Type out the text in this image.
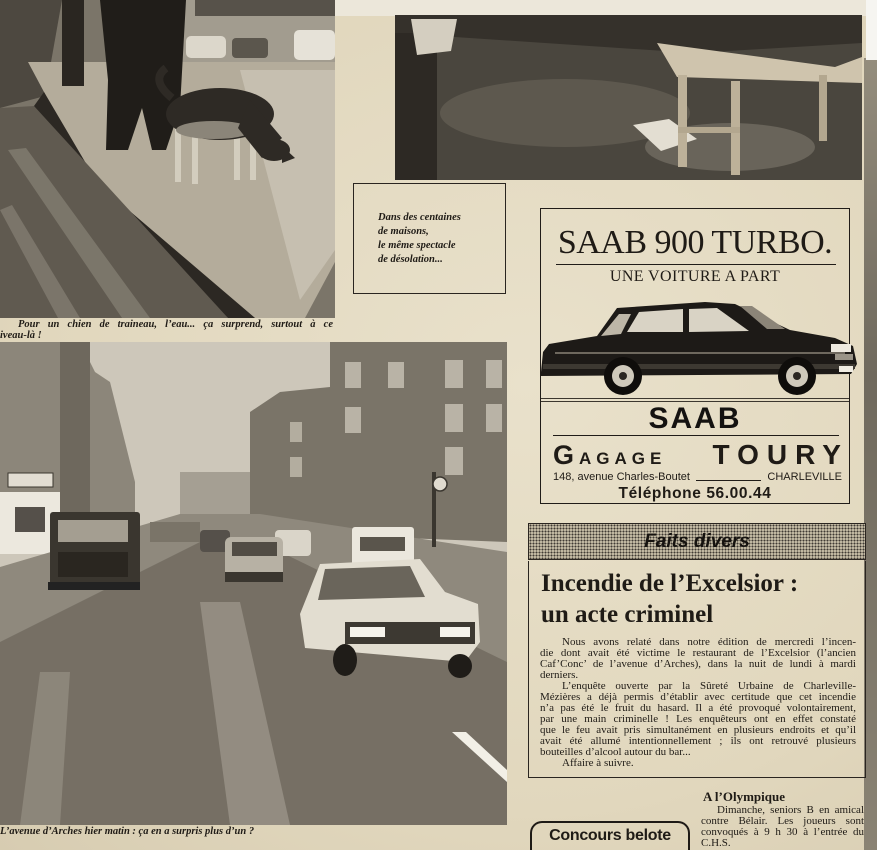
Pour un chien de traineau, l’eau... ça surprend, surtout à ce
iveau-là !
Dans des centaines
de maisons,
le même spectacle
de désolation...
L’avenue d’Arches hier matin : ça en a surpris plus d’un ?
SAAB 900 TURBO.
UNE VOITURE A PART
SAAB
GAGAGE TOURY
148, avenue Charles-Boutet	CHARLEVILLE
Téléphone 56.00.44
Faits divers
Incendie de l’Excelsior :
un acte criminel
Nous avons relaté dans notre édition de mercredi l’incen-
die dont avait été victime le restaurant de l’Excelsior (l’ancien
Caf’Conc’ de l’avenue d’Arches), dans la nuit de lundi à mardi
derniers.
L’enquête ouverte par la Sûreté Urbaine de Charleville-
Mézières a déjà permis d’établir avec certitude que cet incendie
n’a pas été le fruit du hasard. Il a été provoqué volontairement,
par une main criminelle ! Les enquêteurs ont en effet constaté
que le feu avait pris simultanément en plusieurs endroits et qu’il
avait été allumé intentionnellement ; ils ont retrouvé plusieurs
bouteilles d’alcool autour du bar...
Affaire à suivre.
A l’Olympique
Dimanche, seniors B en amical
contre Bélair. Les joueurs sont
convoqués à 9 h 30 à l’entrée du
C.H.S.
Concours belote
